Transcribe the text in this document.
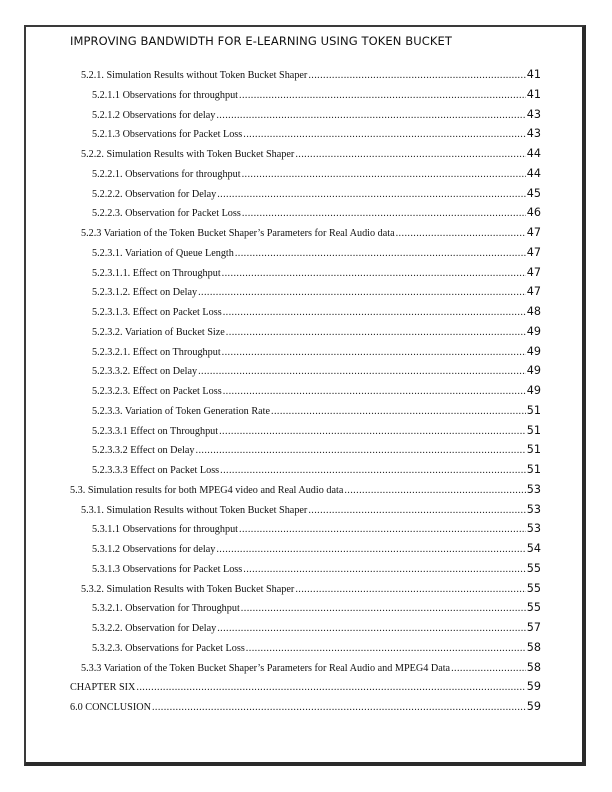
IMPROVING BANDWIDTH FOR E-LEARNING USING TOKEN BUCKET
5.2.1. Simulation Results without Token Bucket Shaper .....	41
5.2.1.1 Observations for throughput .....	41
5.2.1.2 Observations for delay .....	43
5.2.1.3 Observations for Packet Loss .....	43
5.2.2. Simulation Results with Token Bucket Shaper .....	44
5.2.2.1. Observations for throughput .....	44
5.2.2.2. Observation for Delay .....	45
5.2.2.3. Observation for Packet Loss .....	46
5.2.3 Variation of the Token Bucket Shaper’s Parameters for Real Audio data .....	47
5.2.3.1. Variation of Queue Length .....	47
5.2.3.1.1. Effect on Throughput .....	47
5.2.3.1.2. Effect on Delay .....	47
5.2.3.1.3. Effect on Packet Loss .....	48
5.2.3.2. Variation of Bucket Size .....	49
5.2.3.2.1. Effect on Throughput .....	49
5.2.3.3.2. Effect on Delay .....	49
5.2.3.2.3. Effect on Packet Loss .....	49
5.2.3.3. Variation of Token Generation Rate .....	51
5.2.3.3.1 Effect on Throughput .....	51
5.2.3.3.2 Effect on Delay .....	51
5.2.3.3.3 Effect on Packet Loss .....	51
5.3. Simulation results for both MPEG4 video and Real Audio data .....	53
5.3.1. Simulation Results without Token Bucket Shaper .....	53
5.3.1.1 Observations for throughput .....	53
5.3.1.2 Observations for delay .....	54
5.3.1.3 Observations for Packet Loss .....	55
5.3.2. Simulation Results with Token Bucket Shaper .....	55
5.3.2.1. Observation for Throughput .....	55
5.3.2.2. Observation for Delay .....	57
5.3.2.3. Observations for Packet Loss .....	58
5.3.3 Variation of the Token Bucket Shaper’s Parameters for Real Audio and MPEG4 Data .....	58
CHAPTER SIX .....	59
6.0 CONCLUSION .....	59
